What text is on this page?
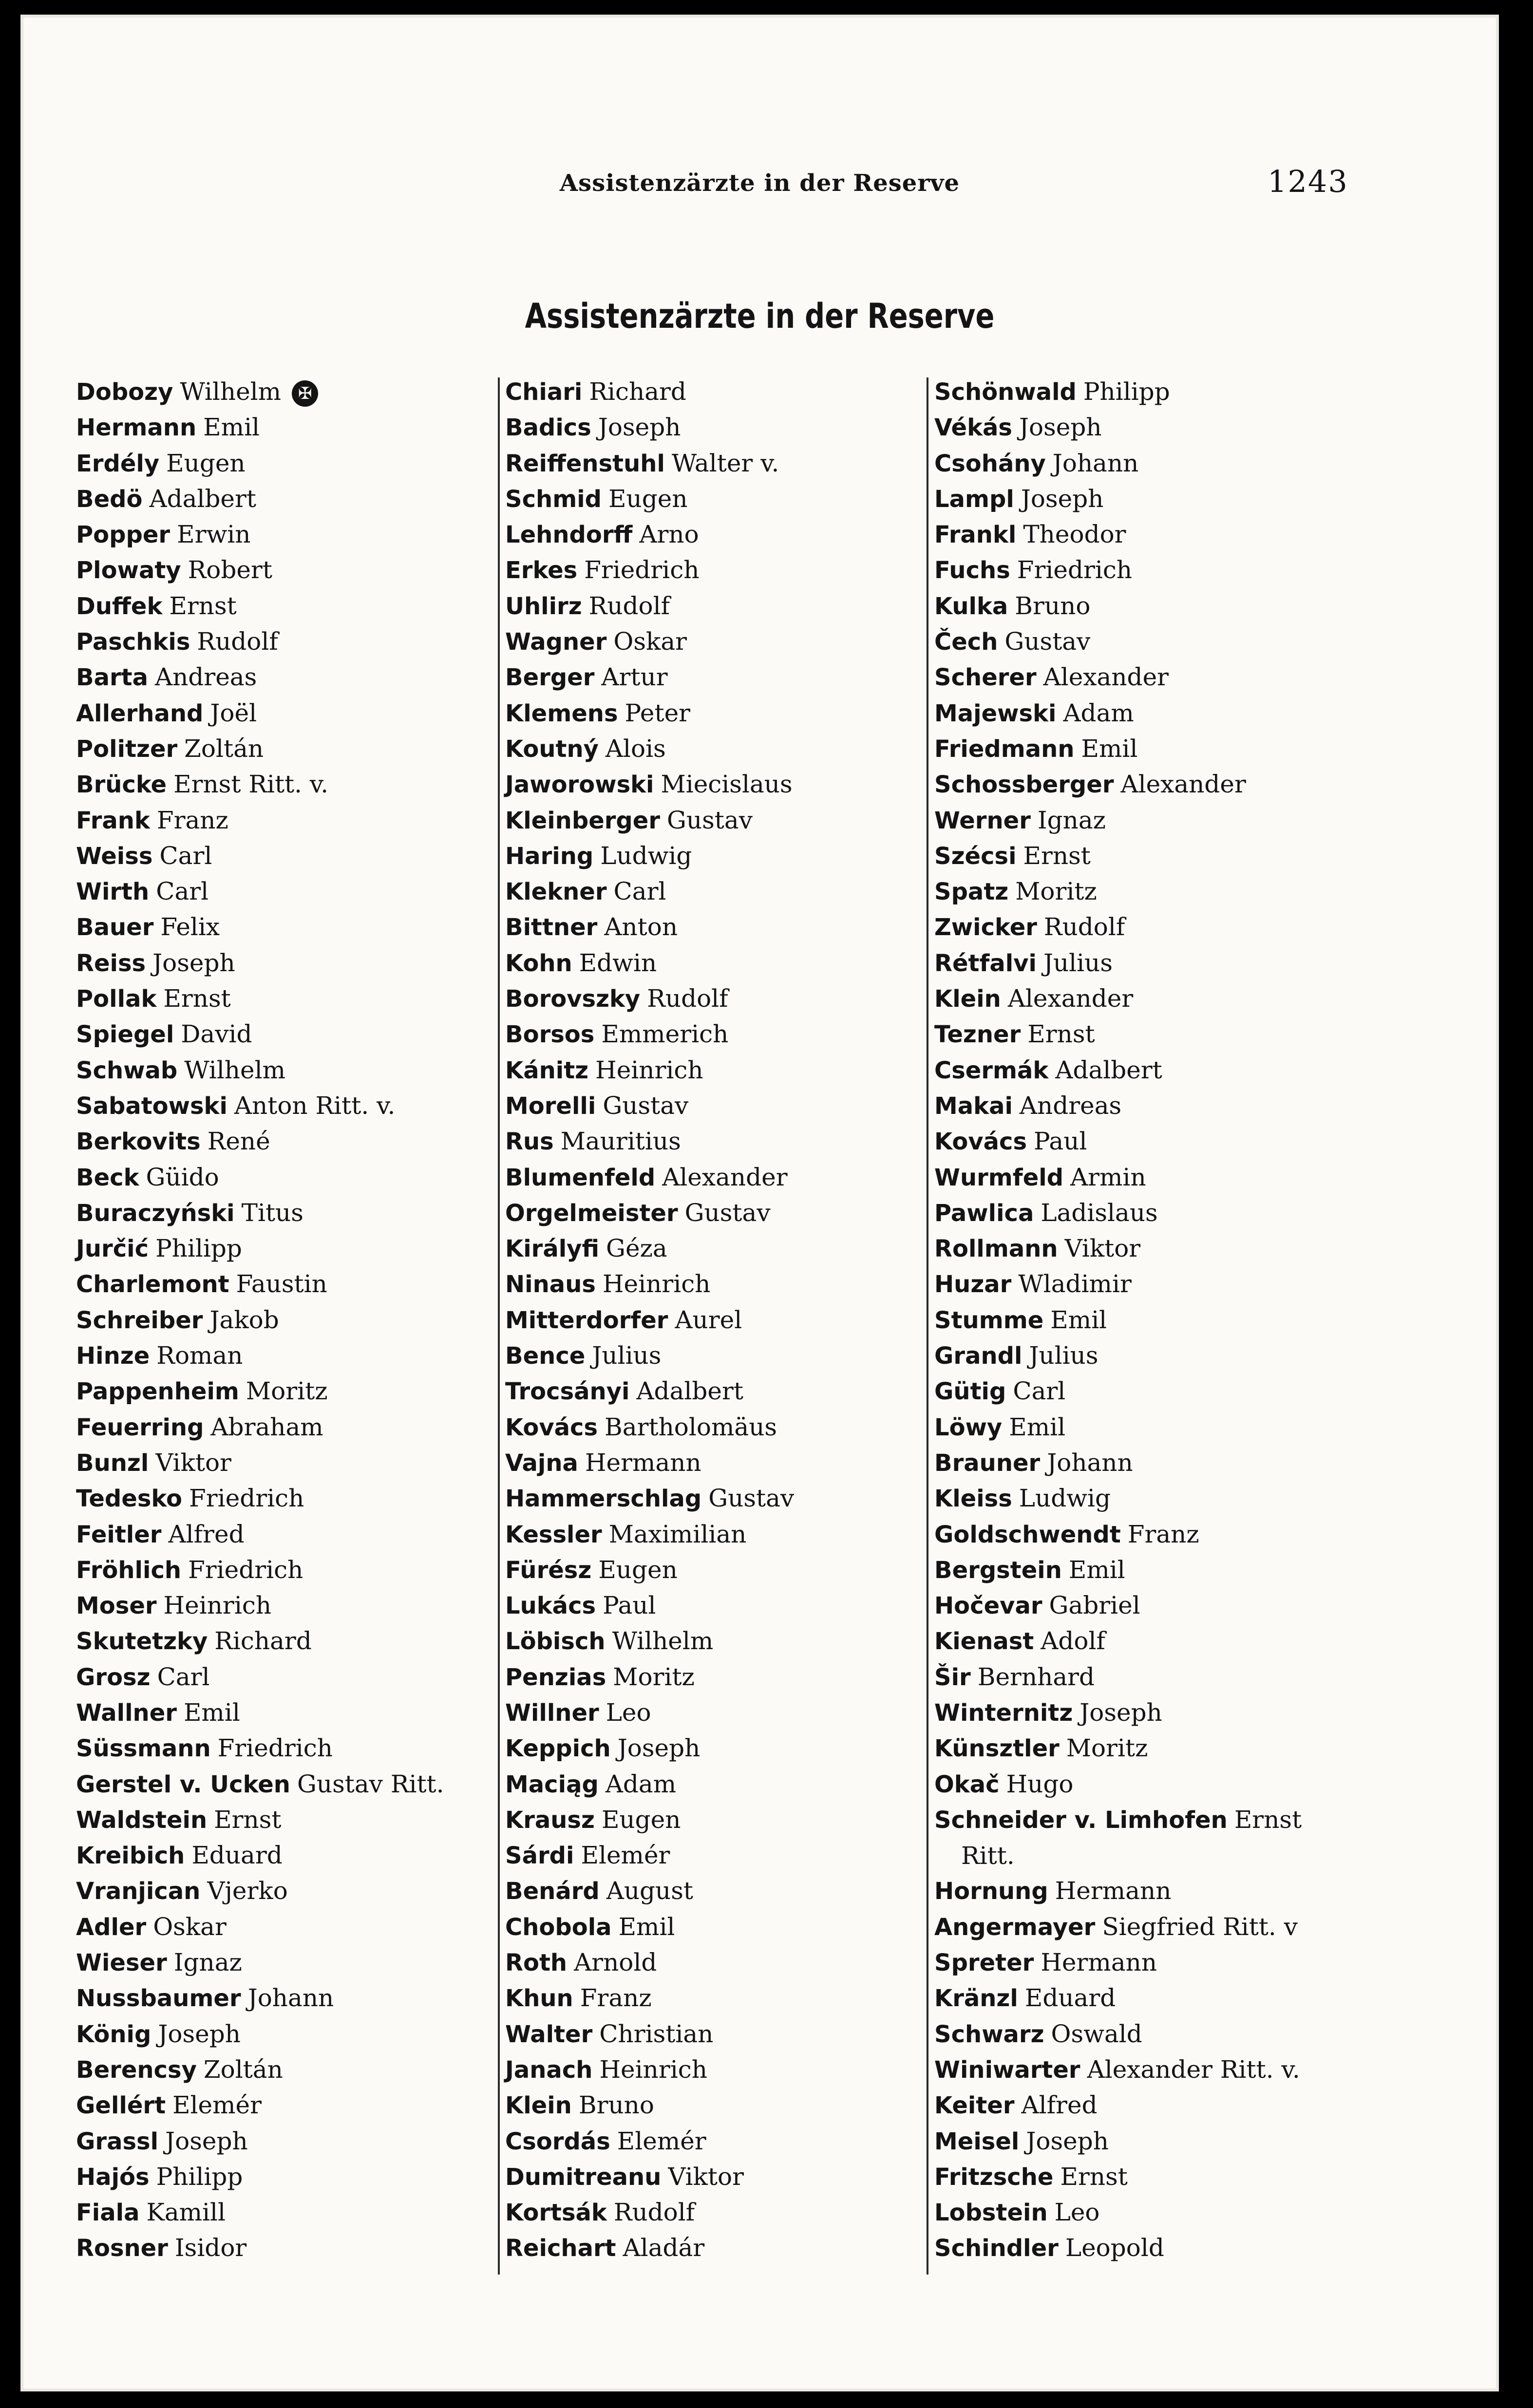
Assistenzärzte in der Reserve	1243
Assistenzärzte in der Reserve
Dobozy Wilhelm ✠
Hermann Emil
Erdély Eugen
Bedö Adalbert
Popper Erwin
Plowaty Robert
Duffek Ernst
Paschkis Rudolf
Barta Andreas
Allerhand Joël
Politzer Zoltán
Brücke Ernst Ritt. v.
Frank Franz
Weiss Carl
Wirth Carl
Bauer Felix
Reiss Joseph
Pollak Ernst
Spiegel David
Schwab Wilhelm
Sabatowski Anton Ritt. v.
Berkovits René
Beck Güido
Buraczyński Titus
Jurčić Philipp
Charlemont Faustin
Schreiber Jakob
Hinze Roman
Pappenheim Moritz
Feuerring Abraham
Bunzl Viktor
Tedesko Friedrich
Feitler Alfred
Fröhlich Friedrich
Moser Heinrich
Skutetzky Richard
Grosz Carl
Wallner Emil
Süssmann Friedrich
Gerstel v. Ucken Gustav Ritt.
Waldstein Ernst
Kreibich Eduard
Vranjican Vjerko
Adler Oskar
Wieser Ignaz
Nussbaumer Johann
König Joseph
Berencsy Zoltán
Gellért Elemér
Grassl Joseph
Hajós Philipp
Fiala Kamill
Rosner Isidor
Chiari Richard
Badics Joseph
Reiffenstuhl Walter v.
Schmid Eugen
Lehndorff Arno
Erkes Friedrich
Uhlirz Rudolf
Wagner Oskar
Berger Artur
Klemens Peter
Koutný Alois
Jaworowski Miecislaus
Kleinberger Gustav
Haring Ludwig
Klekner Carl
Bittner Anton
Kohn Edwin
Borovszky Rudolf
Borsos Emmerich
Kánitz Heinrich
Morelli Gustav
Rus Mauritius
Blumenfeld Alexander
Orgelmeister Gustav
Királyfi Géza
Ninaus Heinrich
Mitterdorfer Aurel
Bence Julius
Trocsányi Adalbert
Kovács Bartholomäus
Vajna Hermann
Hammerschlag Gustav
Kessler Maximilian
Fürész Eugen
Lukács Paul
Löbisch Wilhelm
Penzias Moritz
Willner Leo
Keppich Joseph
Maciąg Adam
Krausz Eugen
Sárdi Elemér
Benárd August
Chobola Emil
Roth Arnold
Khun Franz
Walter Christian
Janach Heinrich
Klein Bruno
Csordás Elemér
Dumitreanu Viktor
Kortsák Rudolf
Reichart Aladár
Schönwald Philipp
Vékás Joseph
Csohány Johann
Lampl Joseph
Frankl Theodor
Fuchs Friedrich
Kulka Bruno
Čech Gustav
Scherer Alexander
Majewski Adam
Friedmann Emil
Schossberger Alexander
Werner Ignaz
Szécsi Ernst
Spatz Moritz
Zwicker Rudolf
Rétfalvi Julius
Klein Alexander
Tezner Ernst
Csermák Adalbert
Makai Andreas
Kovács Paul
Wurmfeld Armin
Pawlica Ladislaus
Rollmann Viktor
Huzar Wladimir
Stumme Emil
Grandl Julius
Gütig Carl
Löwy Emil
Brauner Johann
Kleiss Ludwig
Goldschwendt Franz
Bergstein Emil
Hočevar Gabriel
Kienast Adolf
Šir Bernhard
Winternitz Joseph
Künsztler Moritz
Okač Hugo
Schneider v. Limhofen Ernst
Ritt.
Hornung Hermann
Angermayer Siegfried Ritt. v
Spreter Hermann
Kränzl Eduard
Schwarz Oswald
Winiwarter Alexander Ritt. v.
Keiter Alfred
Meisel Joseph
Fritzsche Ernst
Lobstein Leo
Schindler Leopold
